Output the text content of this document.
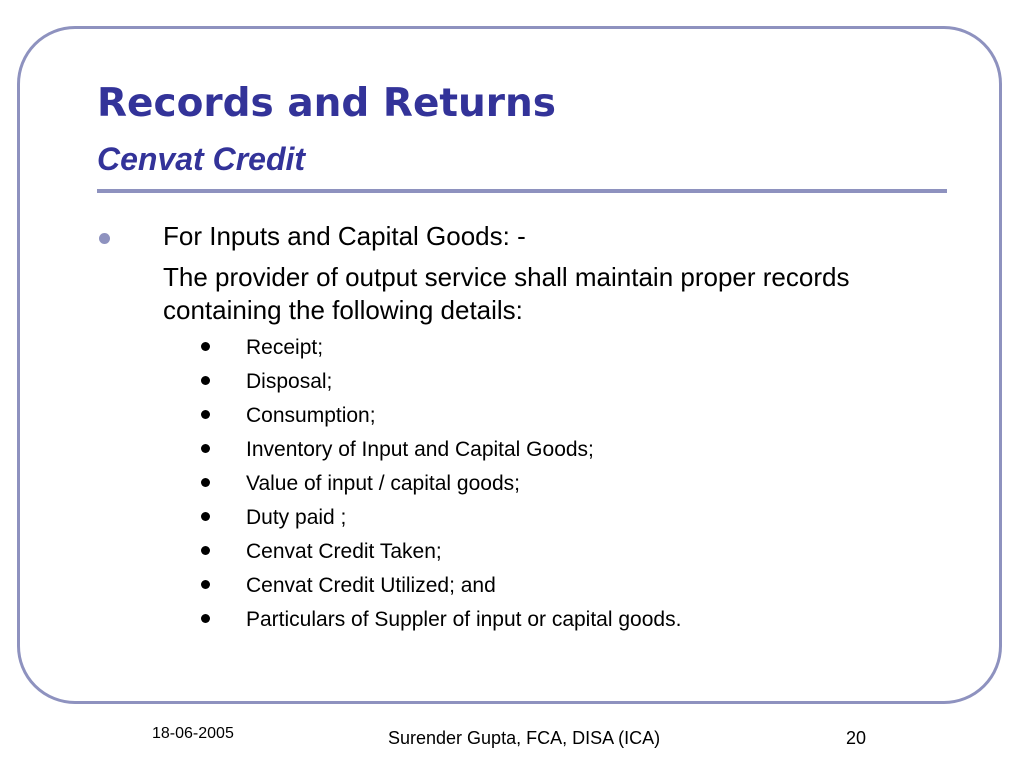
Records and Returns
Cenvat Credit

For Inputs and Capital Goods: -

The provider of output service shall maintain proper records containing the following details:

Receipt;
Disposal;
Consumption;
Inventory of Input and Capital Goods;
Value of input / capital goods;
Duty paid ;
Cenvat Credit Taken;
Cenvat Credit Utilized; and
Particulars of Suppler of input or capital goods.

18-06-2005	Surender Gupta, FCA, DISA (ICA)	20
